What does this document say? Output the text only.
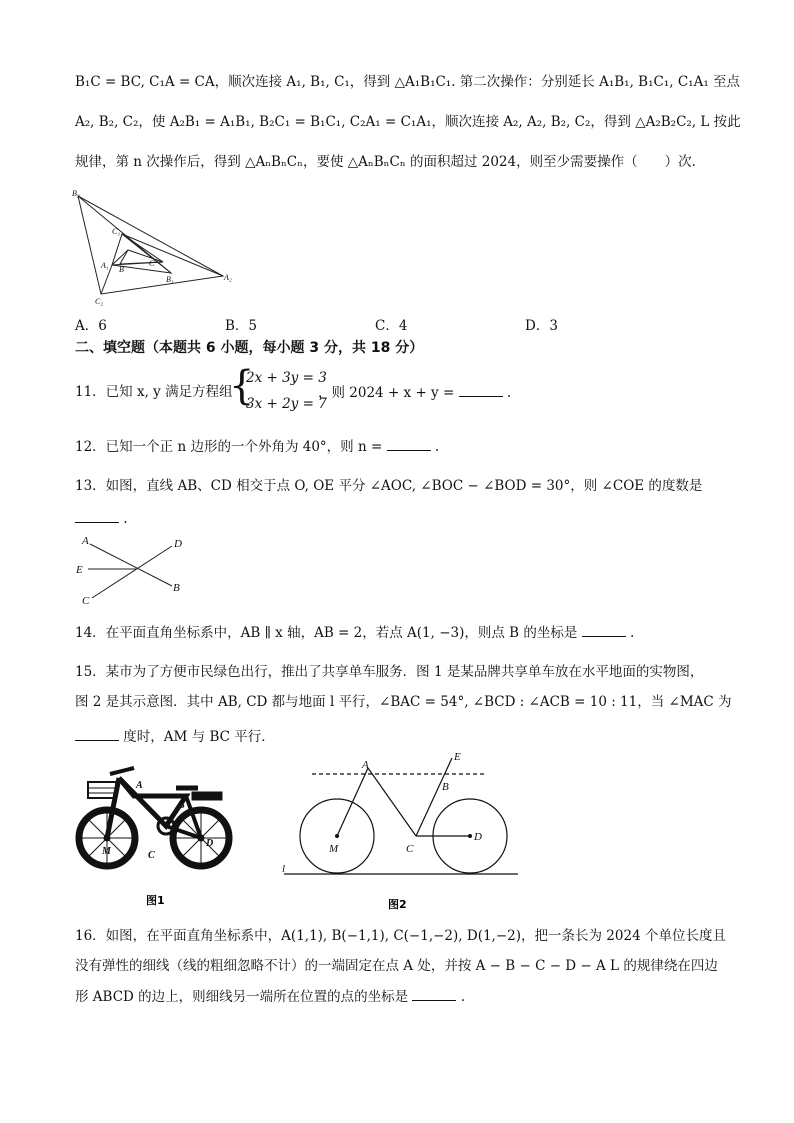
B₁C = BC, C₁A = CA，顺次连接 A₁, B₁, C₁，得到 △A₁B₁C₁. 第二次操作：分别延长 A₁B₁, B₁C₁, C₁A₁ 至点
A₂, B₂, C₂，使 A₂B₁ = A₁B₁, B₂C₁ = B₁C₁, C₂A₁ = C₁A₁，顺次连接 A₂, A₂, B₂, C₂，得到 △A₂B₂C₂, L 按此
规律，第 n 次操作后，得到 △AₙBₙCₙ，要使 △AₙBₙCₙ 的面积超过 2024，则至少需要操作（　　）次.
B₂
C₁
A₁ B
C
B₁	A₂
C₂
A．6	B．5	C．4	D．3
二、填空题（本题共 6 小题，每小题 3 分，共 18 分）
11．已知 x, y 满足方程组
{
2x + 3y = 3
3x + 2y = 7
，则 2024 + x + y =	.
12．已知一个正 n 边形的一个外角为 40°，则 n =	.
13．如图，直线 AB、CD 相交于点 O, OE 平分 ∠AOC, ∠BOC − ∠BOD = 30°，则 ∠COE 的度数是
.
A	D
E
C
B
14．在平面直角坐标系中，AB ∥ x 轴，AB = 2，若点 A(1, −3)，则点 B 的坐标是	.
15．某市为了方便市民绿色出行，推出了共享单车服务．图 1 是某品牌共享单车放在水平地面的实物图，
图 2 是其示意图．其中 AB, CD 都与地面 l 平行，∠BAC = 54°, ∠BCD : ∠ACB = 10 : 11，当 ∠MAC 为
度时，AM 与 BC 平行．
A
B
M	C
D
图1
A
E
B
M	C
D
l
图2
16．如图，在平面直角坐标系中，A(1,1), B(−1,1), C(−1,−2), D(1,−2)，把一条长为 2024 个单位长度且
没有弹性的细线（线的粗细忽略不计）的一端固定在点 A 处，并按 A − B − C − D − A L 的规律绕在四边
形 ABCD 的边上，则细线另一端所在位置的点的坐标是	.
